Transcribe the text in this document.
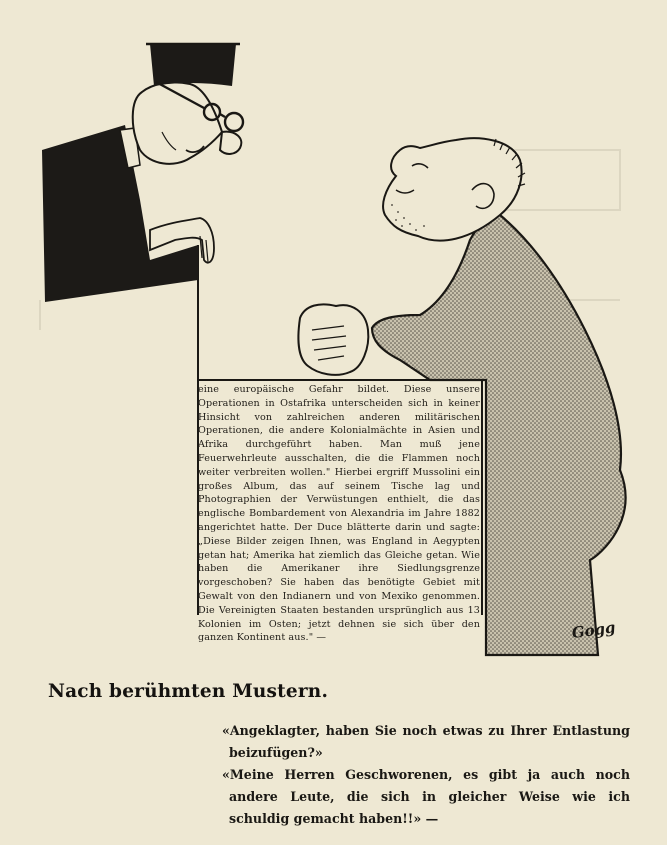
eine europäische Gefahr bildet. Diese unsere Operationen in Ostafrika unterscheiden sich in keiner Hinsicht von zahlreichen anderen militärischen Operationen, die andere Kolonialmächte in Asien und Afrika durchgeführt haben. Man muß jene Feuerwehrleute ausschalten, die die Flammen noch weiter verbreiten wollen." Hierbei ergriff Mussolini ein großes Album, das auf seinem Tische lag und Photographien der Verwüstungen enthielt, die das englische Bombardement von Alexandria im Jahre 1882 angerichtet hatte. Der Duce blätterte darin und sagte: „Diese Bilder zeigen Ihnen, was England in Aegypten getan hat; Amerika hat ziemlich das Gleiche getan. Wie haben die Amerikaner ihre Siedlungsgrenze vorgeschoben? Sie haben das benötigte Gebiet mit Gewalt von den Indianern und von Mexiko genommen. Die Vereinigten Staaten bestanden ursprünglich aus 13 Kolonien im Osten; jetzt dehnen sie sich über den ganzen Kontinent aus." —	Gogg
Nach berühmten Mustern.
«Angeklagter, haben Sie noch etwas zu Ihrer Entlastung beizufügen?»
«Meine Herren Geschworenen, es gibt ja auch noch andere Leute, die sich in gleicher Weise wie ich schuldig gemacht haben!!» —
